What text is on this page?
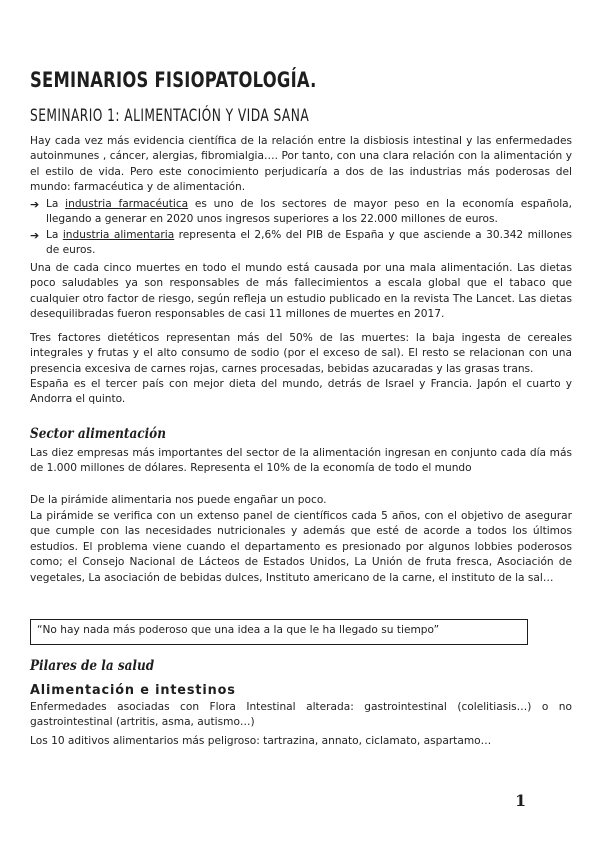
SEMINARIOS FISIOPATOLOGÍA.
SEMINARIO 1: ALIMENTACIÓN Y VIDA SANA

Hay cada vez más evidencia científica de la relación entre la disbiosis intestinal y las enfermedades autoinmunes , cáncer, alergias, fibromialgia…. Por tanto, con una clara relación con la alimentación y el estilo de vida. Pero este conocimiento perjudicaría a dos de las industrias más poderosas del mundo: farmacéutica y de alimentación.

➔ La industria farmacéutica es uno de los sectores de mayor peso en la economía española, llegando a generar en 2020 unos ingresos superiores a los 22.000 millones de euros.

➔ La industria alimentaria representa el 2,6% del PIB de España y que asciende a 30.342 millones de euros.

Una de cada cinco muertes en todo el mundo está causada por una mala alimentación. Las dietas poco saludables ya son responsables de más fallecimientos a escala global que el tabaco que cualquier otro factor de riesgo, según refleja un estudio publicado en la revista The Lancet. Las dietas desequilibradas fueron responsables de casi 11 millones de muertes en 2017.

Tres factores dietéticos representan más del 50% de las muertes: la baja ingesta de cereales integrales y frutas y el alto consumo de sodio (por el exceso de sal). El resto se relacionan con una presencia excesiva de carnes rojas, carnes procesadas, bebidas azucaradas y las grasas trans.

España es el tercer país con mejor dieta del mundo, detrás de Israel y Francia. Japón el cuarto y Andorra el quinto.

Sector alimentación

Las diez empresas más importantes del sector de la alimentación ingresan en conjunto cada día más de 1.000 millones de dólares. Representa el 10% de la economía de todo el mundo

De la pirámide alimentaria nos puede engañar un poco.

La pirámide se verifica con un extenso panel de científicos cada 5 años, con el objetivo de asegurar que cumple con las necesidades nutricionales y además que esté de acorde a todos los últimos estudios. El problema viene cuando el departamento es presionado por algunos lobbies poderosos como; el Consejo Nacional de Lácteos de Estados Unidos, La Unión de fruta fresca, Asociación de vegetales, La asociación de bebidas dulces, Instituto americano de la carne, el instituto de la sal…

“No hay nada más poderoso que una idea a la que le ha llegado su tiempo”
Pilares de la salud
Alimentación e intestinos

Enfermedades asociadas con Flora Intestinal alterada: gastrointestinal (colelitiasis…) o no gastrointestinal (artritis, asma, autismo…)

Los 10 aditivos alimentarios más peligroso: tartrazina, annato, ciclamato, aspartamo…

1
